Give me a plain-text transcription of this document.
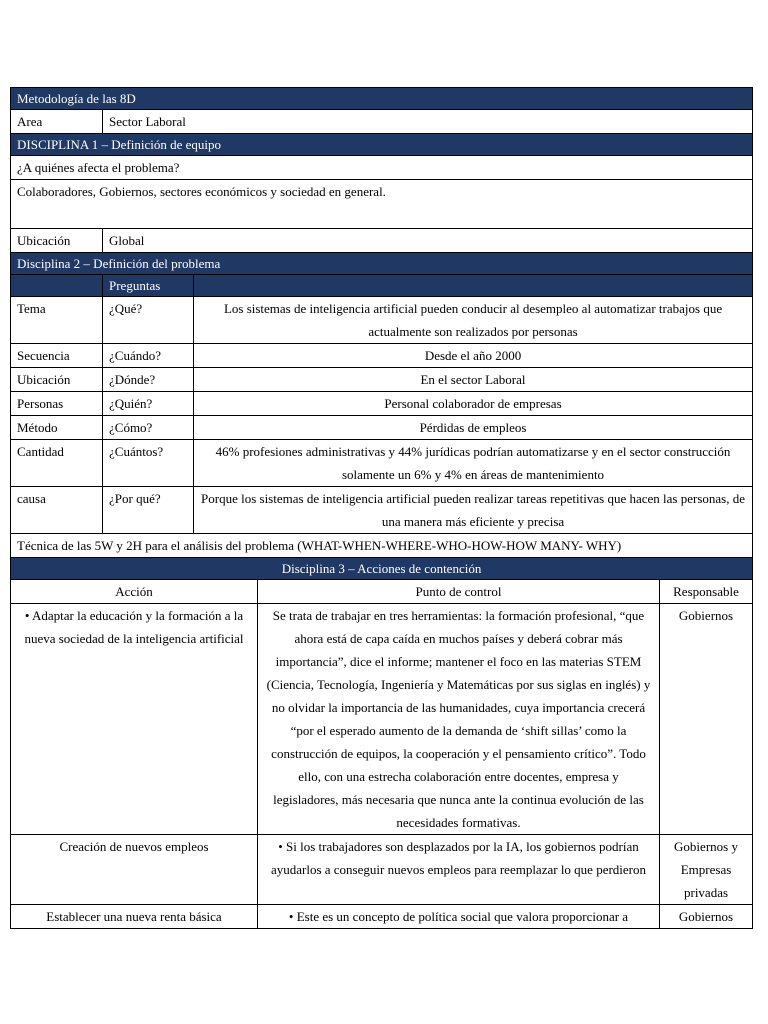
Metodología de las 8D	
Area	Sector Laboral
DISCIPLINA 1 – Definición de equipo	
¿A quiénes afecta el problema?	
Colaboradores, Gobiernos, sectores económicos y sociedad en general.	
Ubicación	Global
Disciplina 2 – Definición del problema		
	Preguntas	
Tema	¿Qué?	Los sistemas de inteligencia artificial pueden conducir al desempleo al automatizar trabajos que actualmente son realizados por personas
Secuencia	¿Cuándo?	Desde el año 2000
Ubicación	¿Dónde?	En el sector Laboral
Personas	¿Quién?	Personal colaborador de empresas
Método	¿Cómo?	Pérdidas de empleos
Cantidad	¿Cuántos?	46% profesiones administrativas y 44% jurídicas podrían automatizarse y en el sector construcción solamente un 6% y 4% en áreas de mantenimiento
causa	¿Por qué?	Porque los sistemas de inteligencia artificial pueden realizar tareas repetitivas que hacen las personas, de una manera más eficiente y precisa
Técnica de las 5W y 2H para el análisis del problema (WHAT-WHEN-WHERE-WHO-HOW-HOW MANY- WHY)		
Disciplina 3 – Acciones de contención		
Acción	Punto de control	Responsable
• Adaptar la educación y la formación a la nueva sociedad de la inteligencia artificial	Se trata de trabajar en tres herramientas: la formación profesional, “que ahora está de capa caída en muchos países y deberá cobrar más importancia”, dice el informe; mantener el foco en las materias STEM (Ciencia, Tecnología, Ingeniería y Matemáticas por sus siglas en inglés) y no olvidar la importancia de las humanidades, cuya importancia crecerá “por el esperado aumento de la demanda de ‘shift sillas’ como la construcción de equipos, la cooperación y el pensamiento crítico”. Todo ello, con una estrecha colaboración entre docentes, empresa y legisladores, más necesaria que nunca ante la continua evolución de las necesidades formativas.	Gobiernos
Creación de nuevos empleos	• Si los trabajadores son desplazados por la IA, los gobiernos podrían ayudarlos a conseguir nuevos empleos para reemplazar lo que perdieron	Gobiernos y Empresas privadas
Establecer una nueva renta básica	• Este es un concepto de política social que valora proporcionar a	Gobiernos
